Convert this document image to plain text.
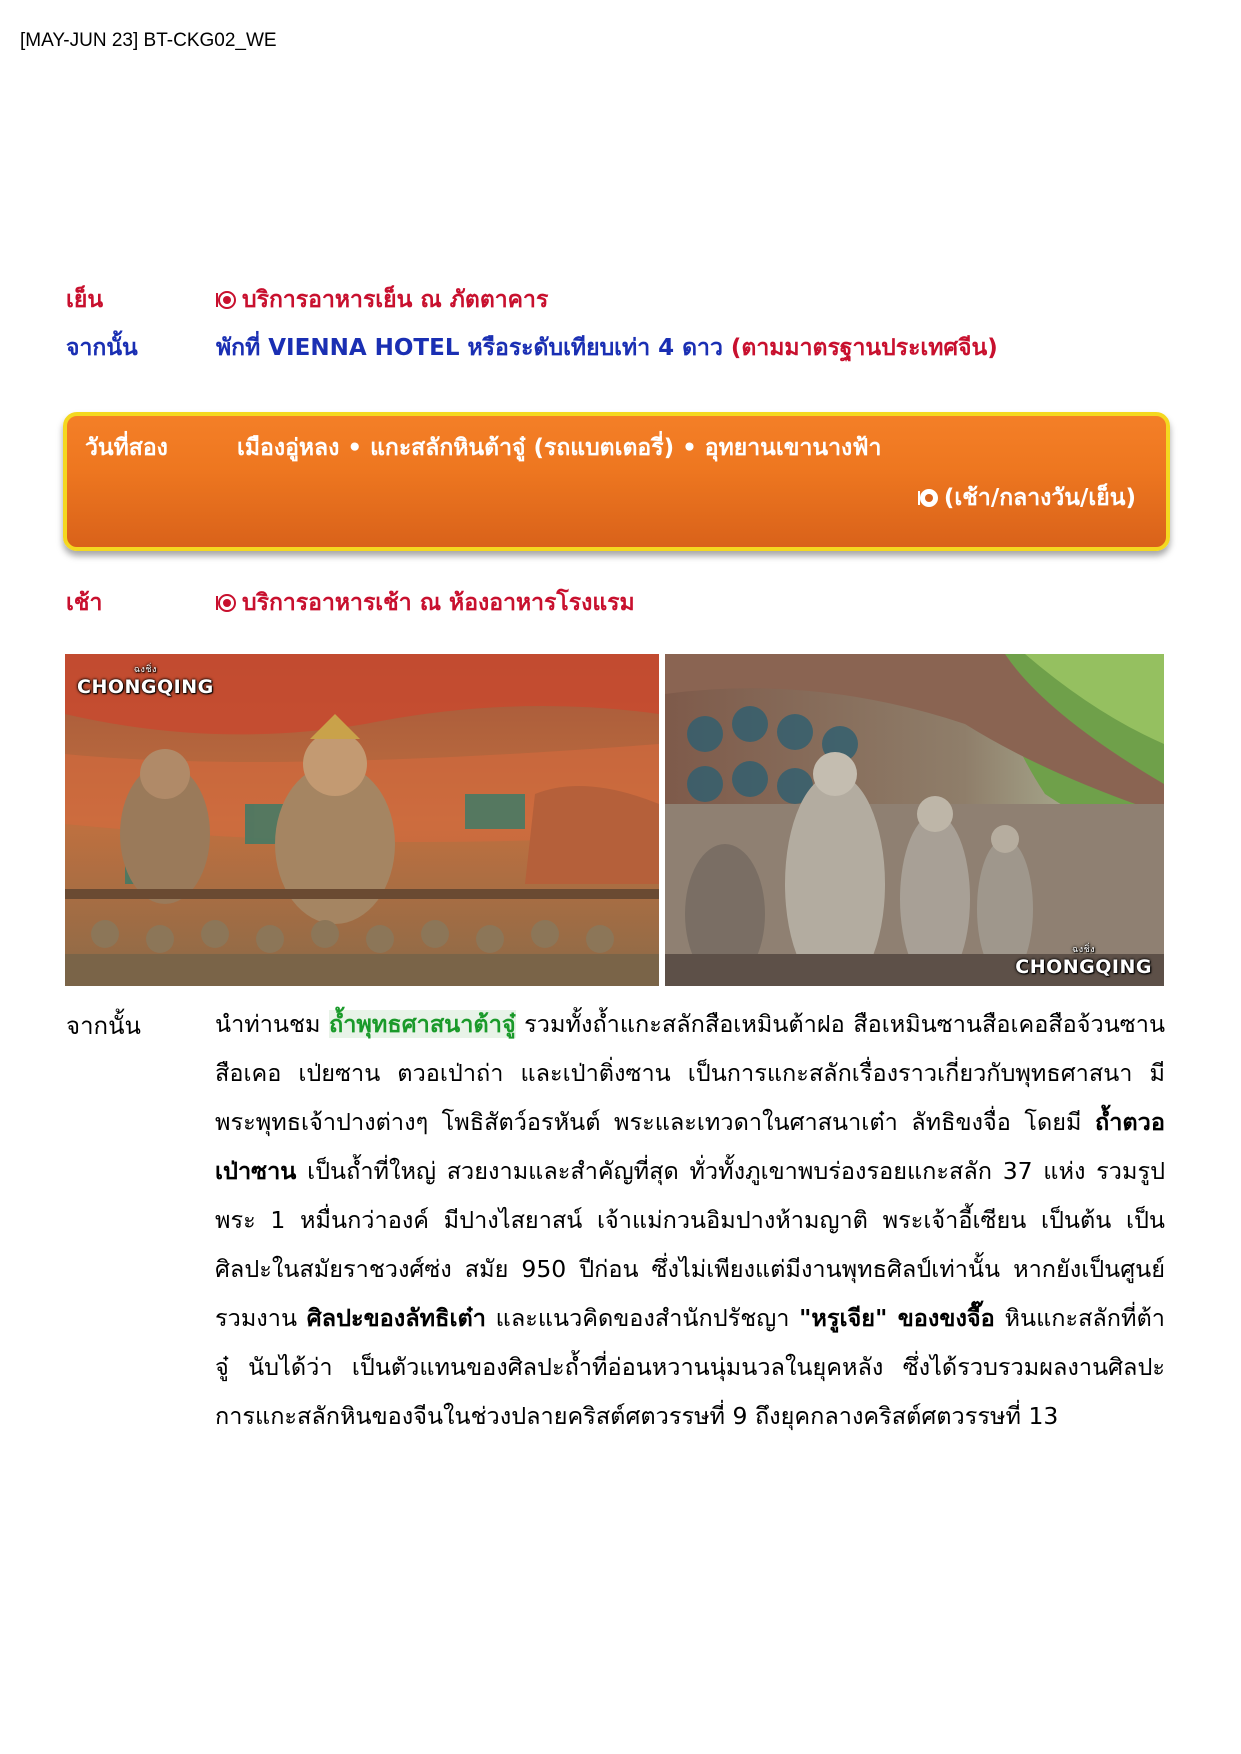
[MAY-JUN 23] BT-CKG02_WE
เย็น	บริการอาหารเย็น ณ ภัตตาคาร
จากนั้น	พักที่ VIENNA HOTEL หรือระดับเทียบเท่า 4 ดาว (ตามมาตรฐานประเทศจีน)
วันที่สอง	เมืองอู่หลง • แกะสลักหินต้าจู๋ (รถแบตเตอรี่) • อุทยานเขานางฟ้า
(เช้า/กลางวัน/เย็น)
เช้า	บริการอาหารเช้า ณ ห้องอาหารโรงแรม
ฉงชิ่ง
CHONGQING
ฉงชิ่ง
CHONGQING
จากนั้น	นำท่านชม ถ้ำพุทธศาสนาต้าจู๋ รวมทั้งถ้ำแกะสลักสือเหมินต้าฝอ สือเหมินซานสือเคอสือจ้วนซานสือเคอ เป่ยซาน ตวอเป่าถ่า และเป่าติ่งซาน เป็นการแกะสลักเรื่องราวเกี่ยวกับพุทธศาสนา มีพระพุทธเจ้าปางต่างๆ โพธิสัตว์อรหันต์ พระและเทวดาในศาสนาเต๋า ลัทธิขงจื่อ โดยมี ถ้ำตวอเป่าซาน เป็นถ้ำที่ใหญ่ สวยงามและสำคัญที่สุด ทั่วทั้งภูเขาพบร่องรอยแกะสลัก 37 แห่ง รวมรูปพระ 1 หมื่นกว่าองค์ มีปางไสยาสน์ เจ้าแม่กวนอิมปางห้ามญาติ พระเจ้าอี้เซียน เป็นต้น เป็นศิลปะในสมัยราชวงศ์ซ่ง สมัย 950 ปีก่อน ซึ่งไม่เพียงแต่มีงานพุทธศิลป์เท่านั้น หากยังเป็นศูนย์รวมงาน ศิลปะของลัทธิเต๋า และแนวคิดของสำนักปรัชญา "หรูเจีย" ของขงจื๊อ หินแกะสลักที่ต้าจู๋ นับได้ว่า เป็นตัวแทนของศิลปะถ้ำที่อ่อนหวานนุ่มนวลในยุคหลัง ซึ่งได้รวบรวมผลงานศิลปะการแกะสลักหินของจีนในช่วงปลายคริสต์ศตวรรษที่ 9 ถึงยุคกลางคริสต์ศตวรรษที่ 13
